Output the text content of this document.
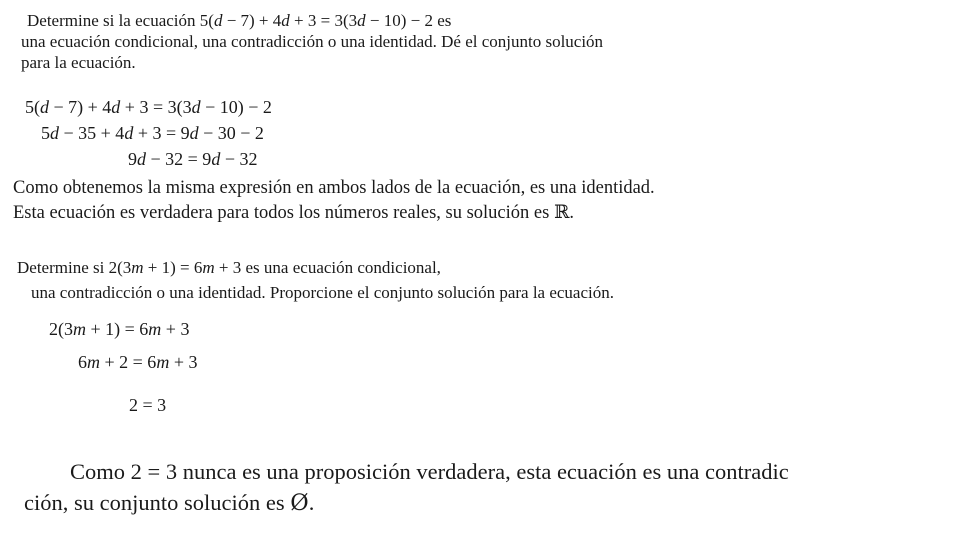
Determine si la ecuación 5(d − 7) + 4d + 3 = 3(3d − 10) − 2 es
una ecuación condicional, una contradicción o una identidad. Dé el conjunto solución
para la ecuación.
5(d − 7) + 4d + 3 = 3(3d − 10) − 2
5d − 35 + 4d + 3 = 9d − 30 − 2
9d − 32 = 9d − 32
Como obtenemos la misma expresión en ambos lados de la ecuación, es una identidad.
Esta ecuación es verdadera para todos los números reales, su solución es ℝ.
Determine si 2(3m + 1) = 6m + 3 es una ecuación condicional,
una contradicción o una identidad. Proporcione el conjunto solución para la ecuación.
2(3m + 1) = 6m + 3
6m + 2 = 6m + 3
2 = 3
Como 2 = 3 nunca es una proposición verdadera, esta ecuación es una contradic
ción, su conjunto solución es Ø.
